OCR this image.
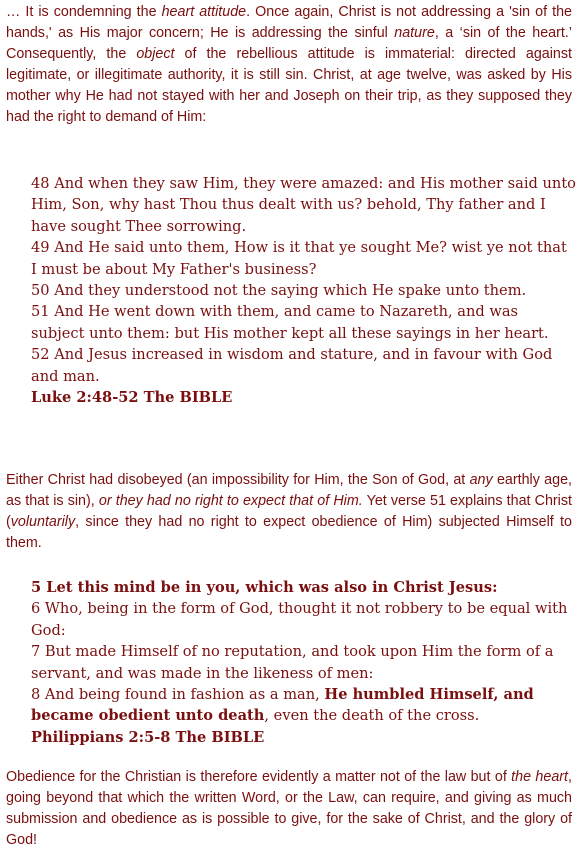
… It is condemning the heart attitude. Once again, Christ is not addressing a 'sin of the hands,' as His major concern; He is addressing the sinful nature, a ‘sin of the heart.’ Consequently, the object of the rebellious attitude is immaterial: directed against legitimate, or illegitimate authority, it is still sin. Christ, at age twelve, was asked by His mother why He had not stayed with her and Joseph on their trip, as they supposed they had the right to demand of Him:

48 And when they saw Him, they were amazed: and His mother said unto Him, Son, why hast Thou thus dealt with us? behold, Thy father and I have sought Thee sorrowing.
49 And He said unto them, How is it that ye sought Me? wist ye not that I must be about My Father's business?
50 And they understood not the saying which He spake unto them.
51 And He went down with them, and came to Nazareth, and was subject unto them: but His mother kept all these sayings in her heart.
52 And Jesus increased in wisdom and stature, and in favour with God and man.
Luke 2:48-52 The BIBLE

Either Christ had disobeyed (an impossibility for Him, the Son of God, at any earthly age, as that is sin), or they had no right to expect that of Him. Yet verse 51 explains that Christ (voluntarily, since they had no right to expect obedience of Him) subjected Himself to them.

5 Let this mind be in you, which was also in Christ Jesus:
6 Who, being in the form of God, thought it not robbery to be equal with God:
7 But made Himself of no reputation, and took upon Him the form of a servant, and was made in the likeness of men:
8 And being found in fashion as a man, He humbled Himself, and became obedient unto death, even the death of the cross.
Philippians 2:5-8 The BIBLE

Obedience for the Christian is therefore evidently a matter not of the law but of the heart, going beyond that which the written Word, or the Law, can require, and giving as much submission and obedience as is possible to give, for the sake of Christ, and the glory of God!
